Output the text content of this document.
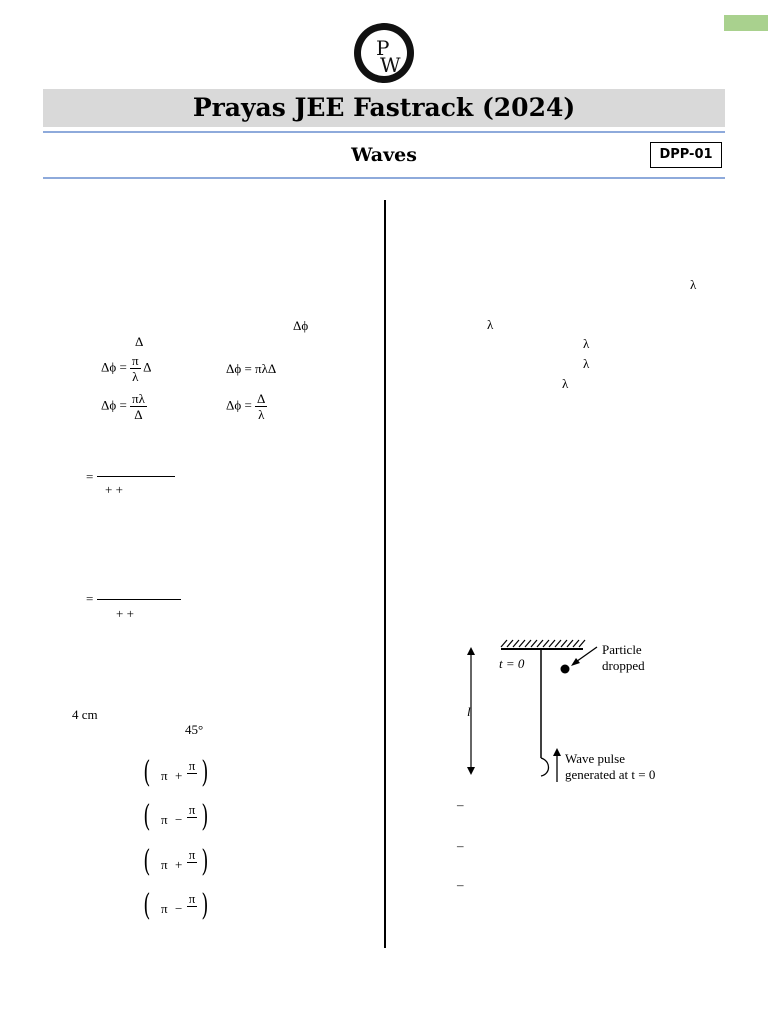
P
W
Prayas JEE Fastrack (2024)
Waves	DPP-01
Δϕ
Δ
$\Delta\phi = \frac{\pi}{\lambda}$ Δ	Δϕ = πλΔ
$\Delta\phi = \frac{\pi\lambda}{\Delta}$	$\Delta\phi = \frac{\Delta}{\lambda}$
=
+ +
=
+ +
4 cm
45°
( π +
π )
( π −
π )
( π +
π )
( π −
π )
λ
λ
λ
λ
λ
t = 0
l
Particle
dropped
Wave pulse
generated at t = 0
–
–
–
